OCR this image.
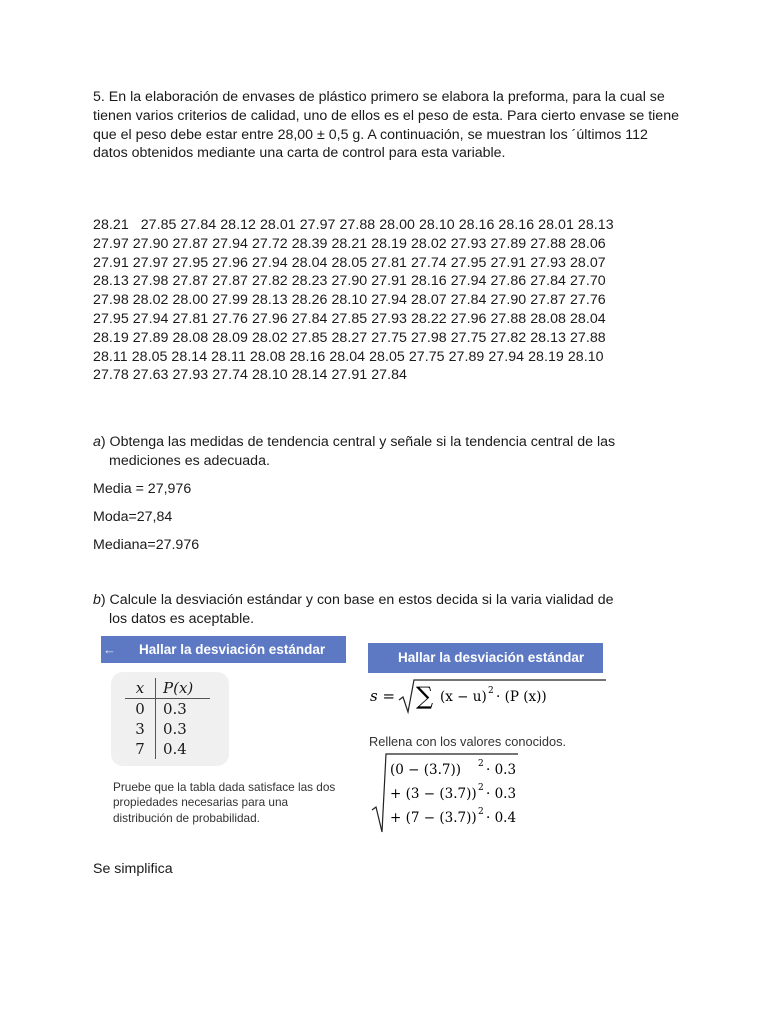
5. En la elaboración de envases de plástico primero se elabora la preforma, para la cual se tienen varios criterios de calidad, uno de ellos es el peso de esta. Para cierto envase se tiene que el peso debe estar entre 28,00 ± 0,5 g. A continuación, se muestran los ´últimos 112 datos obtenidos mediante una carta de control para esta variable.

28.21   27.85 27.84 28.12 28.01 27.97 27.88 28.00 28.10 28.16 28.16 28.01 28.13
27.97 27.90 27.87 27.94 27.72 28.39 28.21 28.19 28.02 27.93 27.89 27.88 28.06
27.91 27.97 27.95 27.96 27.94 28.04 28.05 27.81 27.74 27.95 27.91 27.93 28.07
28.13 27.98 27.87 27.87 27.82 28.23 27.90 27.91 28.16 27.94 27.86 27.84 27.70
27.98 28.02 28.00 27.99 28.13 28.26 28.10 27.94 28.07 27.84 27.90 27.87 27.76
27.95 27.94 27.81 27.76 27.96 27.84 27.85 27.93 28.22 27.96 27.88 28.08 28.04
28.19 27.89 28.08 28.09 28.02 27.85 28.27 27.75 27.98 27.75 27.82 28.13 27.88
28.11 28.05 28.14 28.11 28.08 28.16 28.04 28.05 27.75 27.89 27.94 28.19 28.10
27.78 27.63 27.93 27.74 28.10 28.14 27.91 27.84
a) Obtenga las medidas de tendencia central y señale si la tendencia central de las
mediciones es adecuada.
Media = 27,976
Moda=27,84
Mediana=27.976
b) Calcule la desviación estándar y con base en estos decida si la varia vialidad de
los datos es aceptable.
← Hallar la desviación estándar
x	P(x)
0	0.3
3	0.3
7	0.4
Pruebe que la tabla dada satisface las dos propiedades necesarias para una distribución de probabilidad.
Hallar la desviación estándar
s = ∑ (x − u) 2 · (P (x))
Rellena con los valores conocidos.
(0 − (3.7)) 2 · 0.3
+ (3 − (3.7)) 2 · 0.3
+ (7 − (3.7)) 2 · 0.4
Se simplifica
